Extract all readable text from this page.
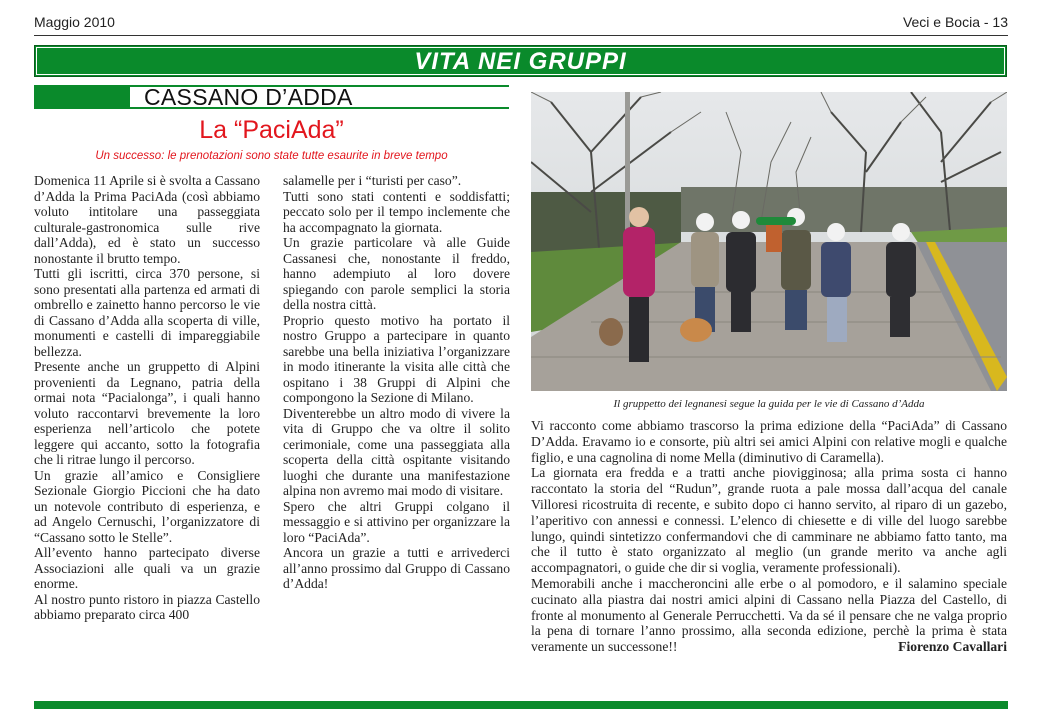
Maggio 2010	Veci e Bocia - 13
VITA NEI GRUPPI
CASSANO D’ADDA
La “PaciAda”
Un successo: le prenotazioni sono state tutte esaurite in breve tempo

Domenica 11 Aprile si è svolta a Cassano d’Adda la Prima PaciAda (così abbiamo voluto intitolare una passeggiata culturale-gastronomica sulle rive dall’Adda), ed è stato un successo nonostante il brutto tempo.

Tutti gli iscritti, circa 370 persone, si sono presentati alla partenza ed armati di ombrello e zainetto hanno percorso le vie di Cassano d’Adda alla scoperta di ville, monumenti e castelli di impareggiabile bellezza.

Presente anche un gruppetto di Alpini provenienti da Legnano, patria della ormai nota “Pacialonga”, i quali hanno voluto raccontarvi brevemente la loro esperienza nell’articolo che potete leggere qui accanto, sotto la fotografia che li ritrae lungo il percorso.

Un grazie all’amico e Consigliere Sezionale Giorgio Piccioni che ha dato un notevole contributo di esperienza, e ad Angelo Cernuschi, l’organizzatore di “Cassano sotto le Stelle”.

All’evento hanno partecipato diverse Associazioni alle quali va un grazie enorme.

Al nostro punto ristoro in piazza Castello abbiamo preparato circa 400

salamelle per i “turisti per caso”.

Tutti sono stati contenti e soddisfatti; peccato solo per il tempo inclemente che ha accompagnato la giornata.

Un grazie particolare và alle Guide Cassanesi che, nonostante il freddo, hanno adempiuto al loro dovere spiegando con parole semplici la storia della nostra città.

Proprio questo motivo ha portato il nostro Gruppo a partecipare in quanto sarebbe una bella iniziativa l’organizzare in modo itinerante la visita alle città che ospitano i 38 Gruppi di Alpini che compongono la Sezione di Milano.

Diventerebbe un altro modo di vivere la vita di Gruppo che va oltre il solito cerimoniale, come una passeggiata alla scoperta della città ospitante visitando luoghi che durante una manifestazione alpina non avremo mai modo di visitare.

Spero che altri Gruppi colgano il messaggio e si attivino per organizzare la loro “PaciAda”.

Ancora un grazie a tutti e arrivederci all’anno prossimo dal Gruppo di Cassano d’Adda!

Il gruppetto dei legnanesi segue la guida per le vie di Cassano d’Adda

Vi racconto come abbiamo trascorso la prima edizione della “PaciAda” di Cassano D’Adda. Eravamo io e consorte, più altri sei amici Alpini con relative mogli e qualche figlio, e una cagnolina di nome Mella (diminutivo di Caramella).

La giornata era fredda e a tratti anche piovigginosa; alla prima sosta ci hanno raccontato la storia del “Rudun”, grande ruota a pale mossa dall’acqua del canale Villoresi ricostruita di recente, e subito dopo ci hanno servito, al riparo di un gazebo, l’aperitivo con annessi e connessi. L’elenco di chiesette e di ville del luogo sarebbe lungo, quindi sintetizzo confermandovi che di camminare ne abbiamo fatto tanto, ma che il tutto è stato organizzato al meglio (un grande merito va anche agli accompagnatori, o guide che dir si voglia, veramente professionali).

Memorabili anche i maccheroncini alle erbe o al pomodoro, e il salamino speciale cucinato alla piastra dai nostri amici alpini di Cassano nella Piazza del Castello, di fronte al monumento al Generale Perrucchetti. Va da sé il pensare che ne valga proprio la pena di tornare l’anno prossimo, alla seconda edizione, perchè la prima è stata veramente un successone!!	Fiorenzo Cavallari
